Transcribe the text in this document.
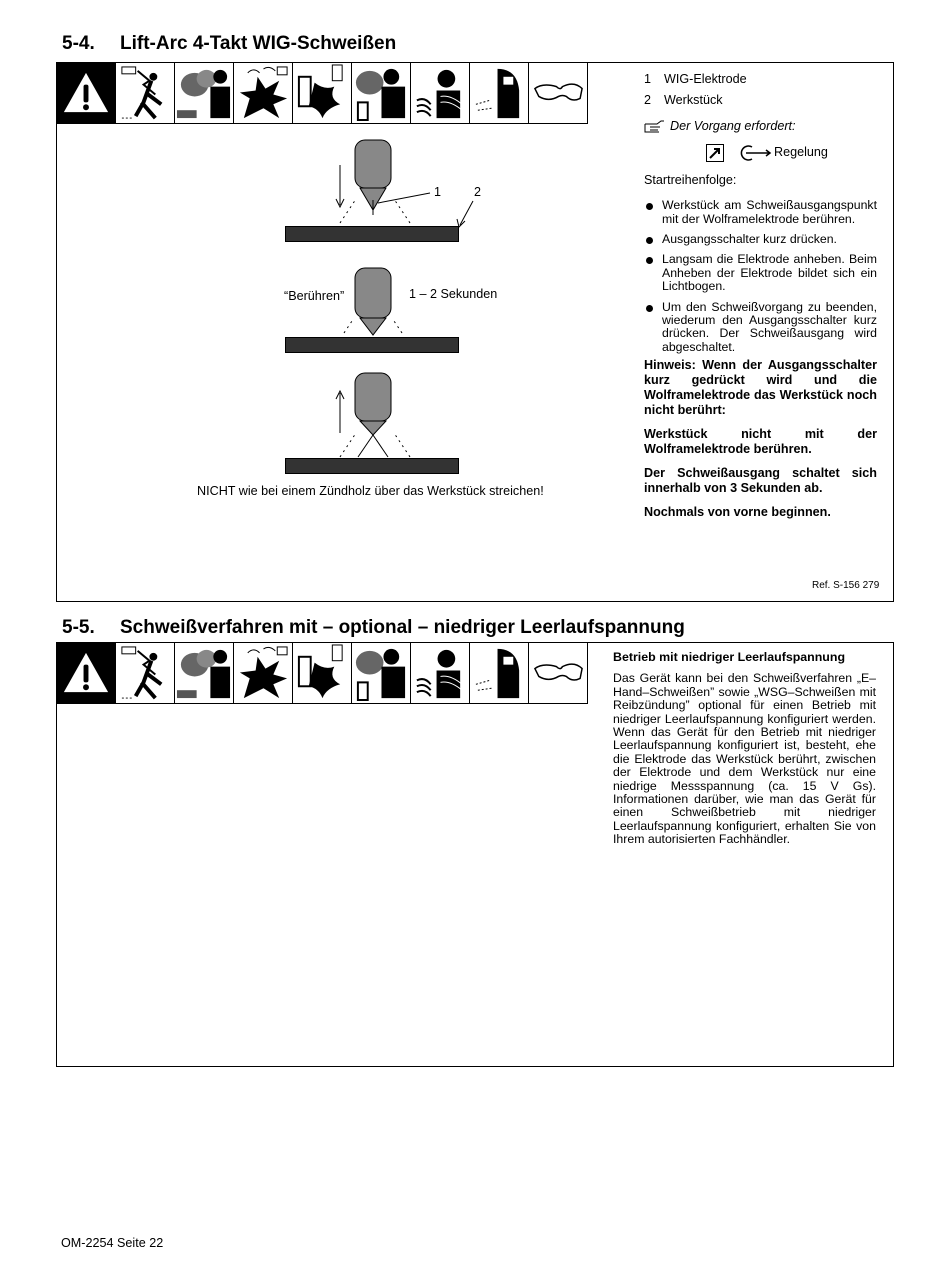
5-4. Lift-Arc 4-Takt WIG-Schweißen
1	2
“Berühren”	1 – 2 Sekunden
NICHT wie bei einem Zündholz über das Werkstück streichen!
1	WIG-Elektrode
2	Werkstück
Der Vorgang erfordert:
Regelung

Startreihenfolge:

Werkstück am Schweißausgangspunkt mit der Wolframelektrode berühren.
Ausgangsschalter kurz drücken.
Langsam die Elektrode anheben. Beim Anheben der Elektrode bildet sich ein Lichtbogen.
Um den Schweißvorgang zu beenden, wiederum den Ausgangsschalter kurz drücken. Der Schweißausgang wird abgeschaltet.

Hinweis: Wenn der Ausgangsschalter kurz gedrückt wird und die Wolframelektrode das Werkstück noch nicht berührt:

Werkstück nicht mit der Wolframelektrode berühren.

Der Schweißausgang schaltet sich innerhalb von 3 Sekunden ab.

Nochmals von vorne beginnen.

Ref. S-156 279
5-5. Schweißverfahren mit – optional – niedriger Leerlaufspannung

Betrieb mit niedriger Leerlaufspannung

Das Gerät kann bei den Schweißverfahren „E–Hand–Schweißen” sowie „WSG–Schweißen mit Reibzündung” optional für einen Betrieb mit niedriger Leerlaufspannung konfiguriert werden. Wenn das Gerät für den Betrieb mit niedriger Leerlaufspannung konfiguriert ist, besteht, ehe die Elektrode das Werkstück berührt, zwischen der Elektrode und dem Werkstück nur eine niedrige Messspannung (ca. 15 V Gs). Informationen darüber, wie man das Gerät für einen Schweißbetrieb mit niedriger Leerlaufspannung konfiguriert, erhalten Sie von Ihrem autorisierten Fachhändler.

OM-2254 Seite 22
